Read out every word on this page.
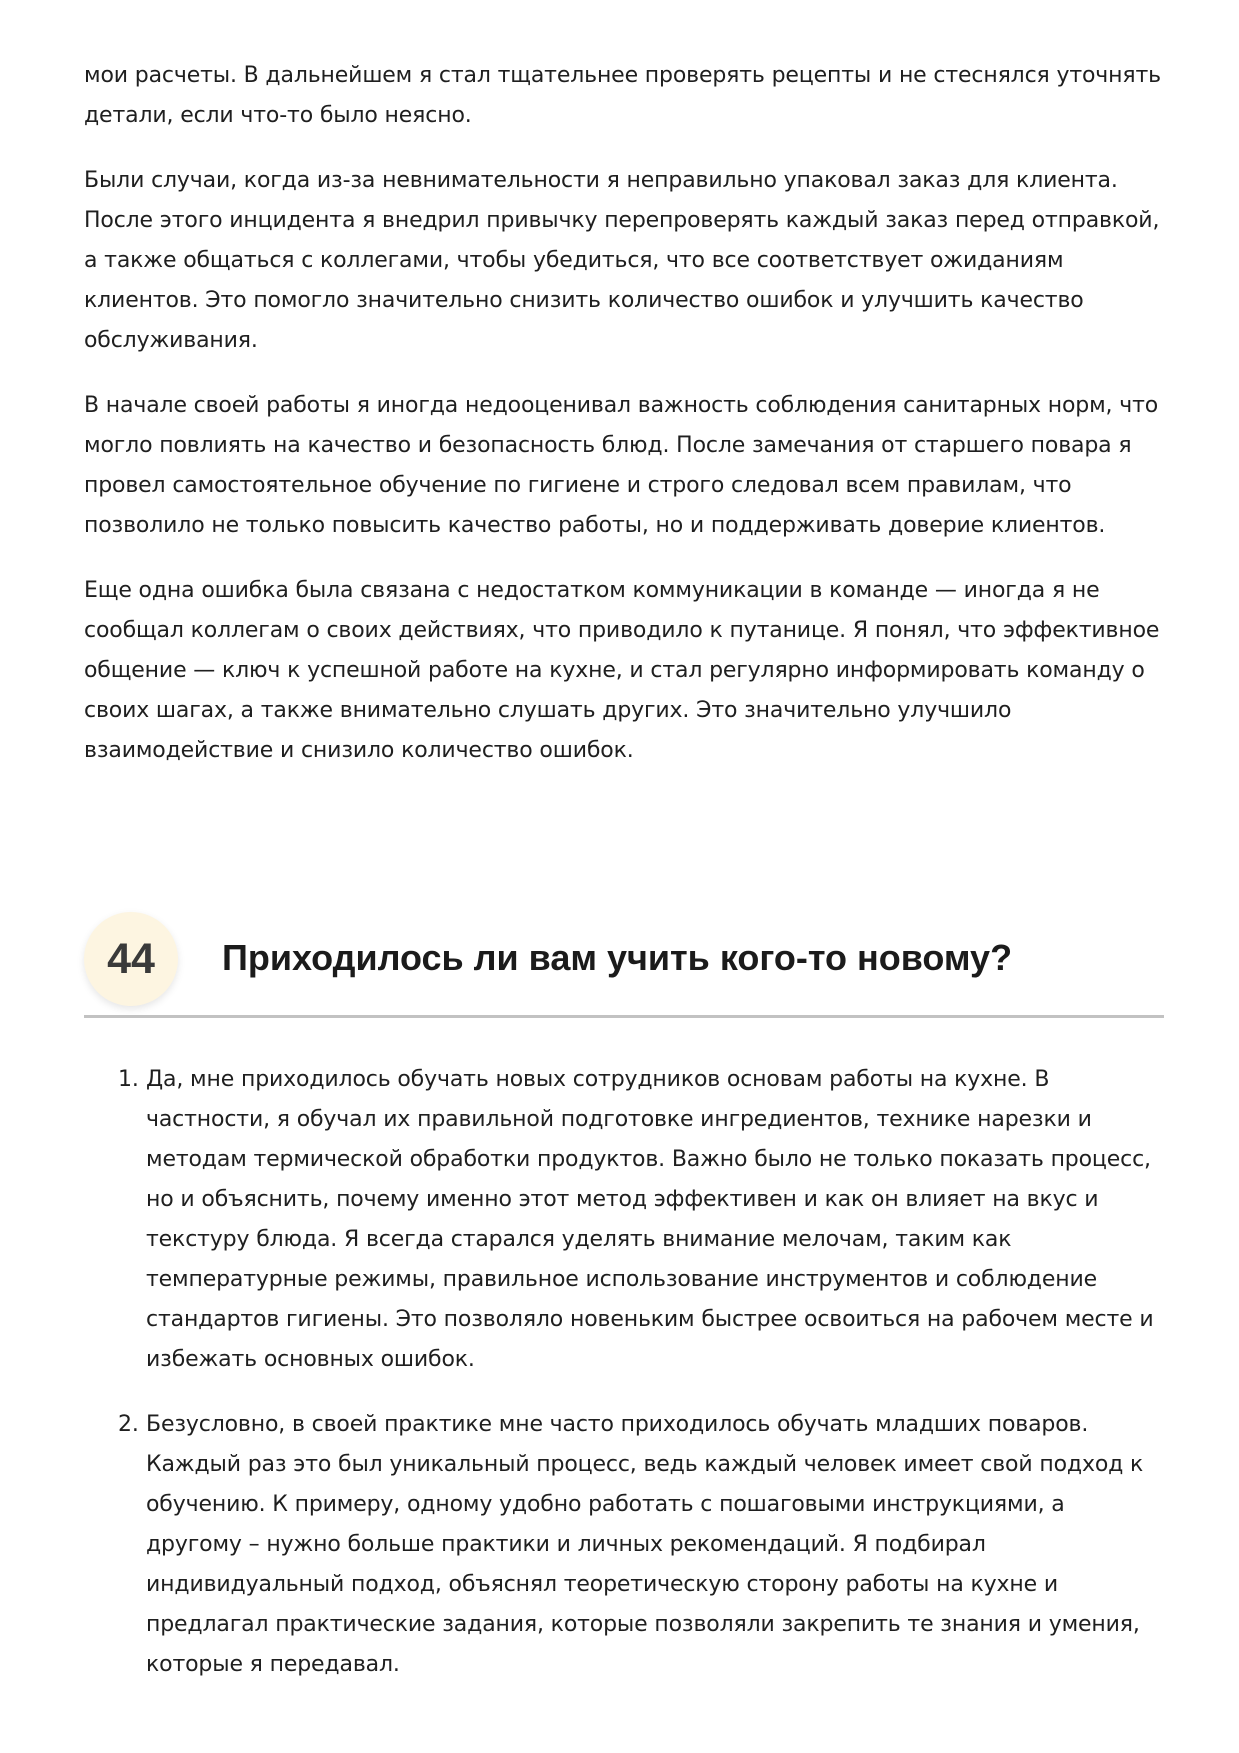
мои расчеты. В дальнейшем я стал тщательнее проверять рецепты и не стеснялся уточнять детали, если что-то было неясно.

Были случаи, когда из-за невнимательности я неправильно упаковал заказ для клиента. После этого инцидента я внедрил привычку перепроверять каждый заказ перед отправкой, а также общаться с коллегами, чтобы убедиться, что все соответствует ожиданиям клиентов. Это помогло значительно снизить количество ошибок и улучшить качество обслуживания.

В начале своей работы я иногда недооценивал важность соблюдения санитарных норм, что могло повлиять на качество и безопасность блюд. После замечания от старшего повара я провел самостоятельное обучение по гигиене и строго следовал всем правилам, что позволило не только повысить качество работы, но и поддерживать доверие клиентов.

Еще одна ошибка была связана с недостатком коммуникации в команде — иногда я не сообщал коллегам о своих действиях, что приводило к путанице. Я понял, что эффективное общение — ключ к успешной работе на кухне, и стал регулярно информировать команду о своих шагах, а также внимательно слушать других. Это значительно улучшило взаимодействие и снизило количество ошибок.

44	Приходилось ли вам учить кого-то новому?
1. Да, мне приходилось обучать новых сотрудников основам работы на кухне. В частности, я обучал их правильной подготовке ингредиентов, технике нарезки и методам термической обработки продуктов. Важно было не только показать процесс, но и объяснить, почему именно этот метод эффективен и как он влияет на вкус и текстуру блюда. Я всегда старался уделять внимание мелочам, таким как температурные режимы, правильное использование инструментов и соблюдение стандартов гигиены. Это позволяло новеньким быстрее освоиться на рабочем месте и избежать основных ошибок.
2. Безусловно, в своей практике мне часто приходилось обучать младших поваров. Каждый раз это был уникальный процесс, ведь каждый человек имеет свой подход к обучению. К примеру, одному удобно работать с пошаговыми инструкциями, а другому – нужно больше практики и личных рекомендаций. Я подбирал индивидуальный подход, объяснял теоретическую сторону работы на кухне и предлагал практические задания, которые позволяли закрепить те знания и умения, которые я передавал.
